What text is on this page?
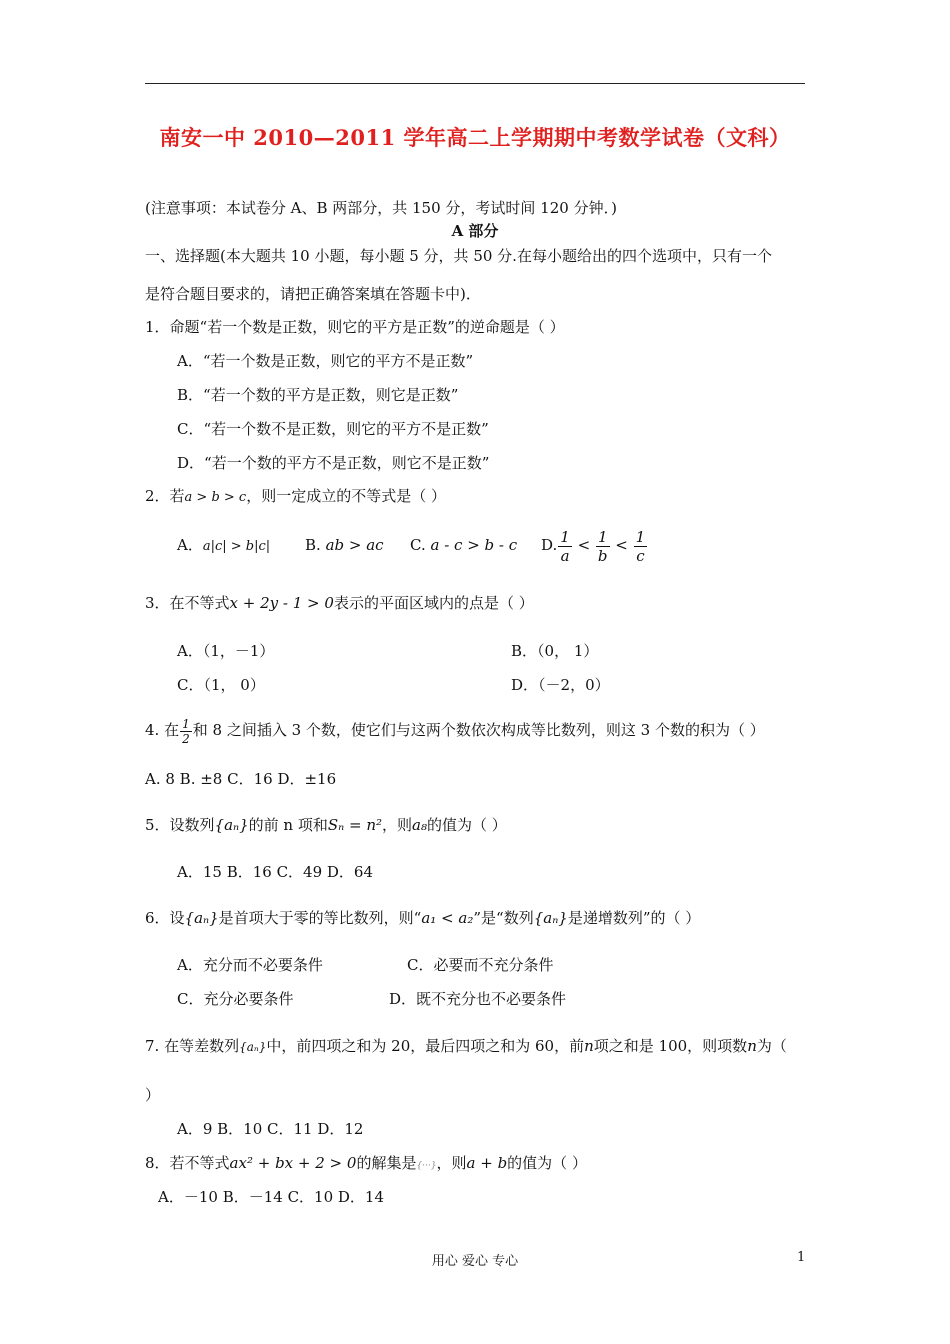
南安一中 2010—2011 学年高二上学期期中考数学试卷（文科）
(注意事项：本试卷分 A、B 两部分，共 150 分，考试时间 120 分钟．)
A 部分
一、选择题(本大题共 10 小题，每小题 5 分，共 50 分.在每小题给出的四个选项中，只有一个
是符合题目要求的，请把正确答案填在答题卡中)．
1．命题“若一个数是正数，则它的平方是正数”的逆命题是（ ）
A．“若一个数是正数，则它的平方不是正数”
B．“若一个数的平方是正数，则它是正数”
C．“若一个数不是正数，则它的平方不是正数”
D．“若一个数的平方不是正数，则它不是正数”
2．若a > b > c，则一定成立的不等式是（ ）
A．a|c| > b|c| B. ab > ac C. a - c > b - c D. $\frac{1}{a} < \frac{1}{b} < \frac{1}{c}$
3．在不等式x + 2y - 1 > 0表示的平面区域内的点是（ ）
A．（1，－1）	B．（0， 1）
C．（1， 0）	D．（－2，0）
4. 在 $\frac{1}{2}$ 和 8 之间插入 3 个数，使它们与这两个数依次构成等比数列，则这 3 个数的积为（ ）
A. 8 B. ±8 C．16 D．±16
5．设数列{aₙ}的前 n 项和Sₙ = n²，则a₈的值为（ ）
A．15 B．16 C．49 D．64
6．设{aₙ}是首项大于零的等比数列，则“a₁ < a₂”是“数列{aₙ}是递增数列”的（ ）
A．充分而不必要条件	C．必要而不充分条件
C．充分必要条件	D．既不充分也不必要条件
7. 在等差数列{aₙ}中，前四项之和为 20，最后四项之和为 60，前n项之和是 100，则项数n为（
）
A．9 B．10 C．11 D．12
8．若不等式ax² + bx + 2 > 0的解集是{···}，则a + b的值为（ ）
A．－10 B．－14 C．10 D．14
用心 爱心 专心	1
